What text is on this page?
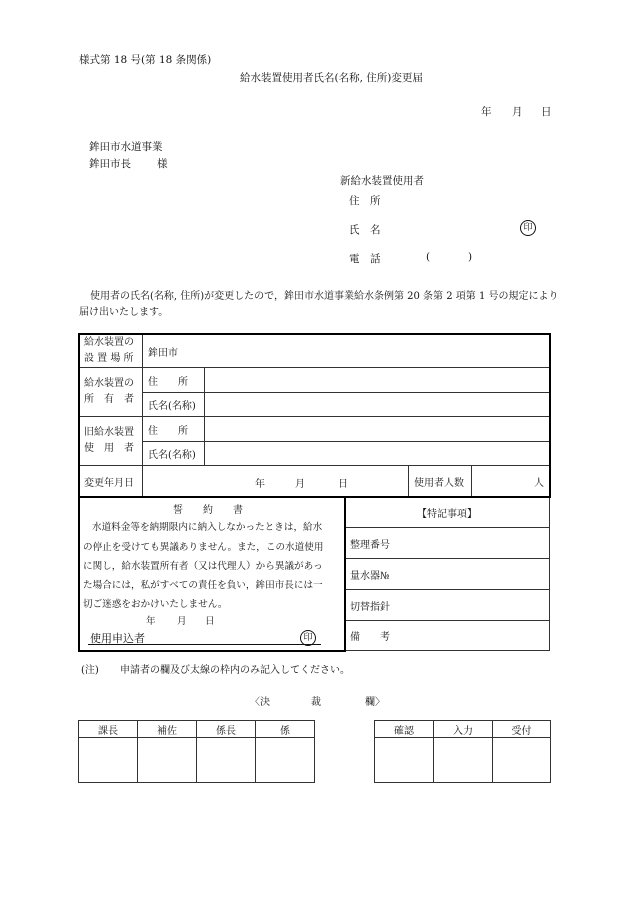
様式第 18 号(第 18 条関係)
給水装置使用者氏名(名称, 住所)変更届
年 月 日
鉾田市水道事業
鉾田市長 様
新給水装置使用者
住　所
氏　名	印
電　話	(	)
使用者の氏名(名称, 住所)が変更したので，鉾田市水道事業給水条例第 20 条第 2 項第 1 号の規定により
届け出いたします。
給水装置の
設 置 場 所	鉾田市
給水装置の
所　有　者
住　　所
氏名(名称)
旧給水装置
使　用　者
住　　所
氏名(名称)
変更年月日	年	月	日	使用者人数	人
誓　　約　　書
水道料金等を納期限内に納入しなかったときは，給水
の停止を受けても異議ありません。また，この水道使用
に関し，給水装置所有者（又は代理人）から異議があっ
た場合には，私がすべての責任を負い，鉾田市長には一
切ご迷惑をおかけいたしません。
年 月 日
使用申込者	印
【特記事項】
整理番号
量水器№
切替指針
備　　考
(注) 申請者の欄及び太線の枠内のみ記入してください。
〈決	裁	欄〉
課長	補佐	係長	係	確認	入力	受付
